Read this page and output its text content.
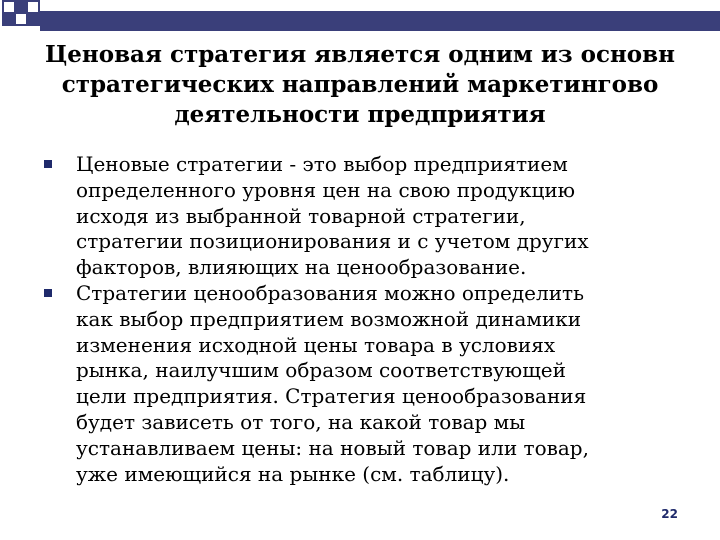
Ценовая стратегия является одним из основн
стратегических направлений маркетингово
деятельности предприятия
Ценовые стратегии - это выбор предприятием
определенного уровня цен на свою продукцию
исходя из выбранной товарной стратегии,
стратегии позиционирования и с учетом других
факторов, влияющих на ценообразование.
Стратегии ценообразования можно определить
как выбор предприятием возможной динамики
изменения исходной цены товара в условиях
рынка, наилучшим образом соответствующей
цели предприятия. Стратегия ценообразования
будет зависеть от того, на какой товар мы
устанавливаем цены: на новый товар или товар,
уже имеющийся на рынке (см. таблицу).
22
